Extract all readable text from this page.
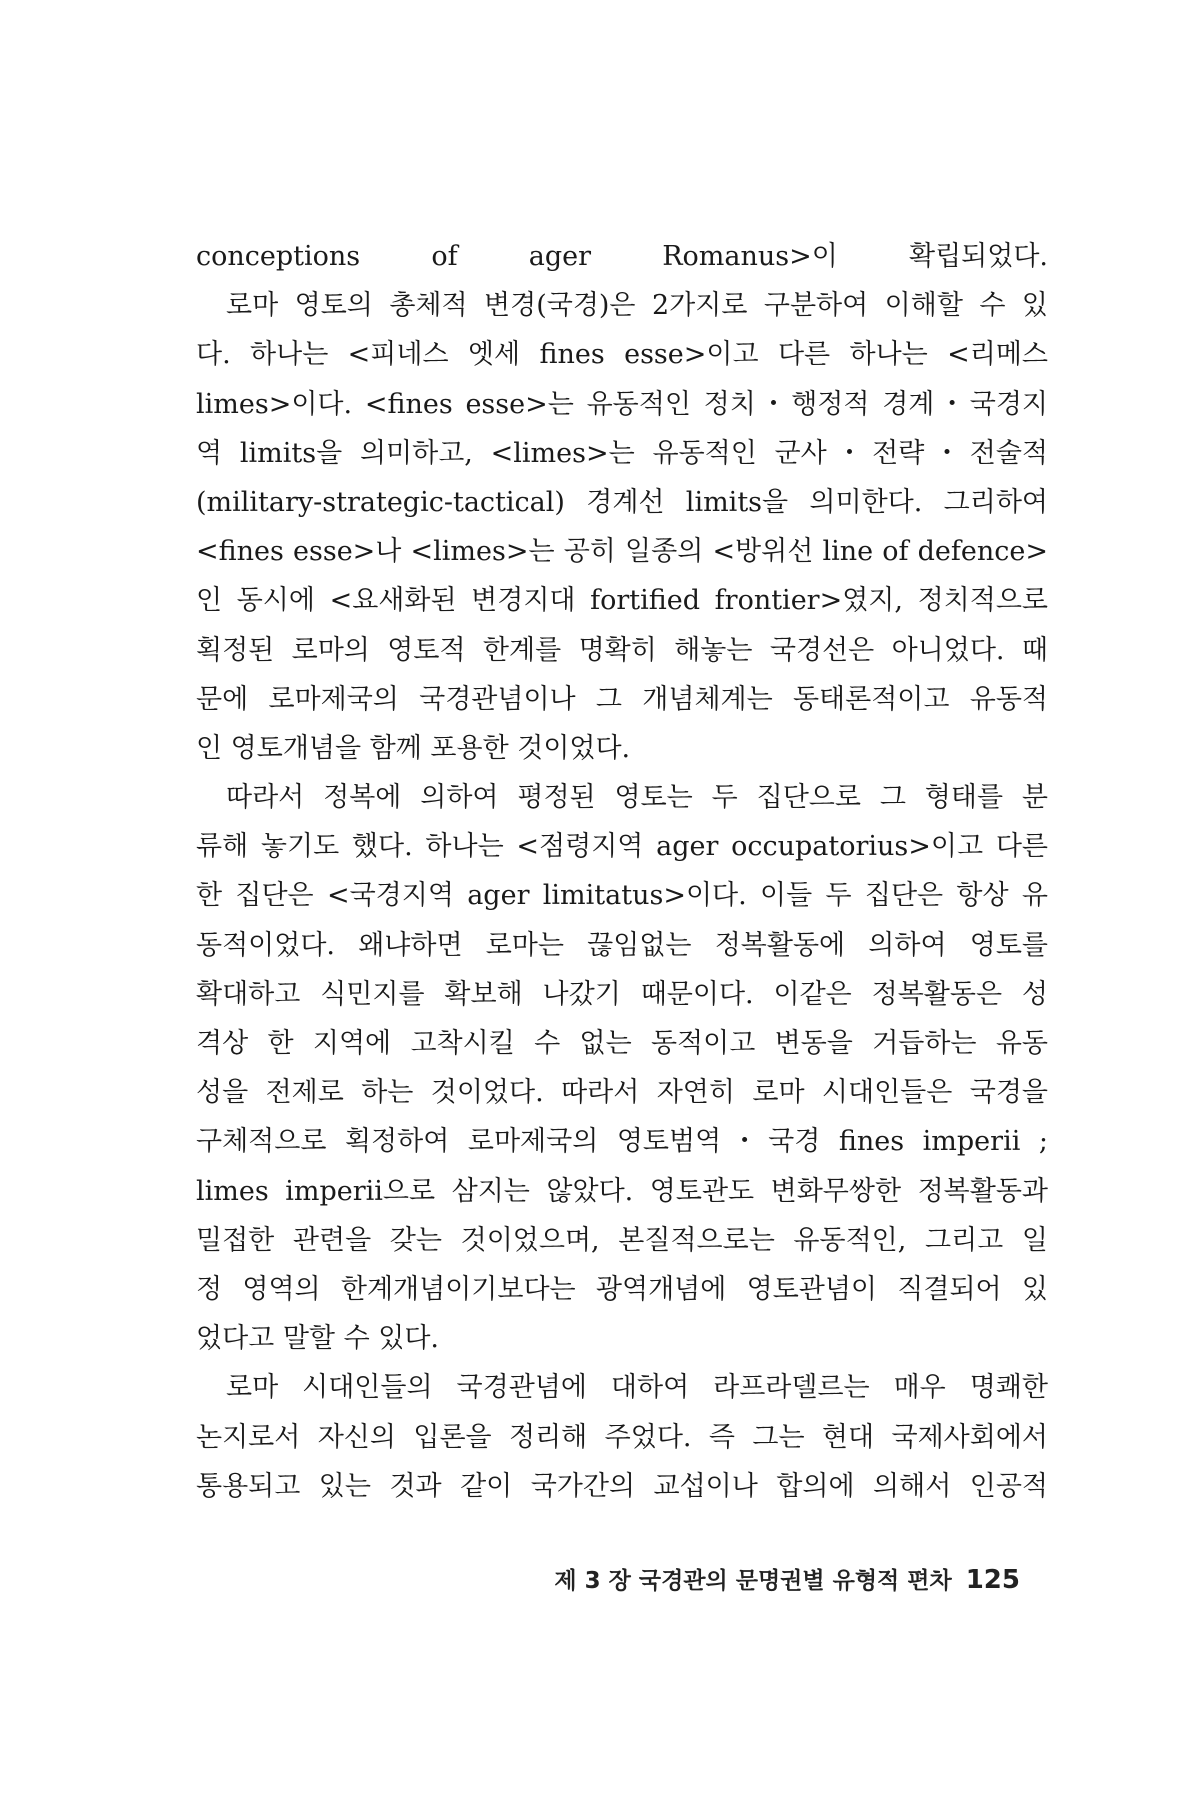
conceptions of ager Romanus>이 확립되었다.
로마 영토의 총체적 변경(국경)은 2가지로 구분하여 이해할 수 있
다. 하나는 <피네스 엣세 fines esse>이고 다른 하나는 <리메스
limes>이다. <fines esse>는 유동적인 정치・행정적 경계・국경지
역 limits을 의미하고, <limes>는 유동적인 군사・전략・전술적
(military-strategic-tactical) 경계선 limits을 의미한다. 그리하여
<fines esse>나 <limes>는 공히 일종의 <방위선 line of defence>
인 동시에 <요새화된 변경지대 fortified frontier>였지, 정치적으로
획정된 로마의 영토적 한계를 명확히 해놓는 국경선은 아니었다. 때
문에 로마제국의 국경관념이나 그 개념체계는 동태론적이고 유동적
인 영토개념을 함께 포용한 것이었다.
따라서 정복에 의하여 평정된 영토는 두 집단으로 그 형태를 분
류해 놓기도 했다. 하나는 <점령지역 ager occupatorius>이고 다른
한 집단은 <국경지역 ager limitatus>이다. 이들 두 집단은 항상 유
동적이었다. 왜냐하면 로마는 끊임없는 정복활동에 의하여 영토를
확대하고 식민지를 확보해 나갔기 때문이다. 이같은 정복활동은 성
격상 한 지역에 고착시킬 수 없는 동적이고 변동을 거듭하는 유동
성을 전제로 하는 것이었다. 따라서 자연히 로마 시대인들은 국경을
구체적으로 획정하여 로마제국의 영토범역・국경 fines imperii ;
limes imperii으로 삼지는 않았다. 영토관도 변화무쌍한 정복활동과
밀접한 관련을 갖는 것이었으며, 본질적으로는 유동적인, 그리고 일
정 영역의 한계개념이기보다는 광역개념에 영토관념이 직결되어 있
었다고 말할 수 있다.
로마 시대인들의 국경관념에 대하여 라프라델르는 매우 명쾌한
논지로서 자신의 입론을 정리해 주었다. 즉 그는 현대 국제사회에서
통용되고 있는 것과 같이 국가간의 교섭이나 합의에 의해서 인공적
제 3 장 국경관의 문명권별 유형적 편차 125
